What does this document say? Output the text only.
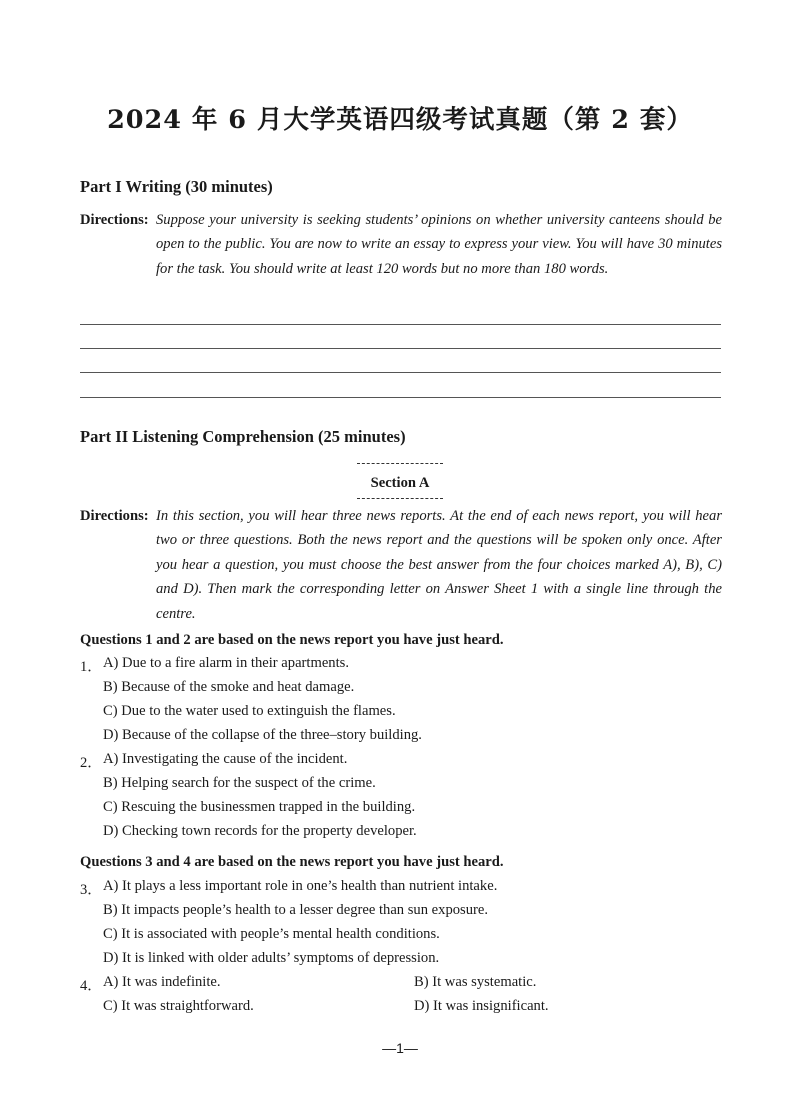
2024 年 6 月大学英语四级考试真题（第 2 套）
Part I Writing (30 minutes)
Directions: Suppose your university is seeking students’ opinions on whether university canteens should be open to the public. You are now to write an essay to express your view. You will have 30 minutes for the task. You should write at least 120 words but no more than 180 words.
Part II Listening Comprehension (25 minutes)
Section A
Directions: In this section, you will hear three news reports. At the end of each news report, you will hear two or three questions. Both the news report and the questions will be spoken only once. After you hear a question, you must choose the best answer from the four choices marked A), B), C) and D). Then mark the corresponding letter on Answer Sheet 1 with a single line through the centre.
Questions 1 and 2 are based on the news report you have just heard.
1． A) Due to a fire alarm in their apartments.
B) Because of the smoke and heat damage.
C) Due to the water used to extinguish the flames.
D) Because of the collapse of the three–story building.
2． A) Investigating the cause of the incident.
B) Helping search for the suspect of the crime.
C) Rescuing the businessmen trapped in the building.
D) Checking town records for the property developer.
Questions 3 and 4 are based on the news report you have just heard.
3． A) It plays a less important role in one’s health than nutrient intake.
B) It impacts people’s health to a lesser degree than sun exposure.
C) It is associated with people’s mental health conditions.
D) It is linked with older adults’ symptoms of depression.
4． A) It was indefinite.	B) It was systematic.
C) It was straightforward.	D) It was insignificant.
—1—
